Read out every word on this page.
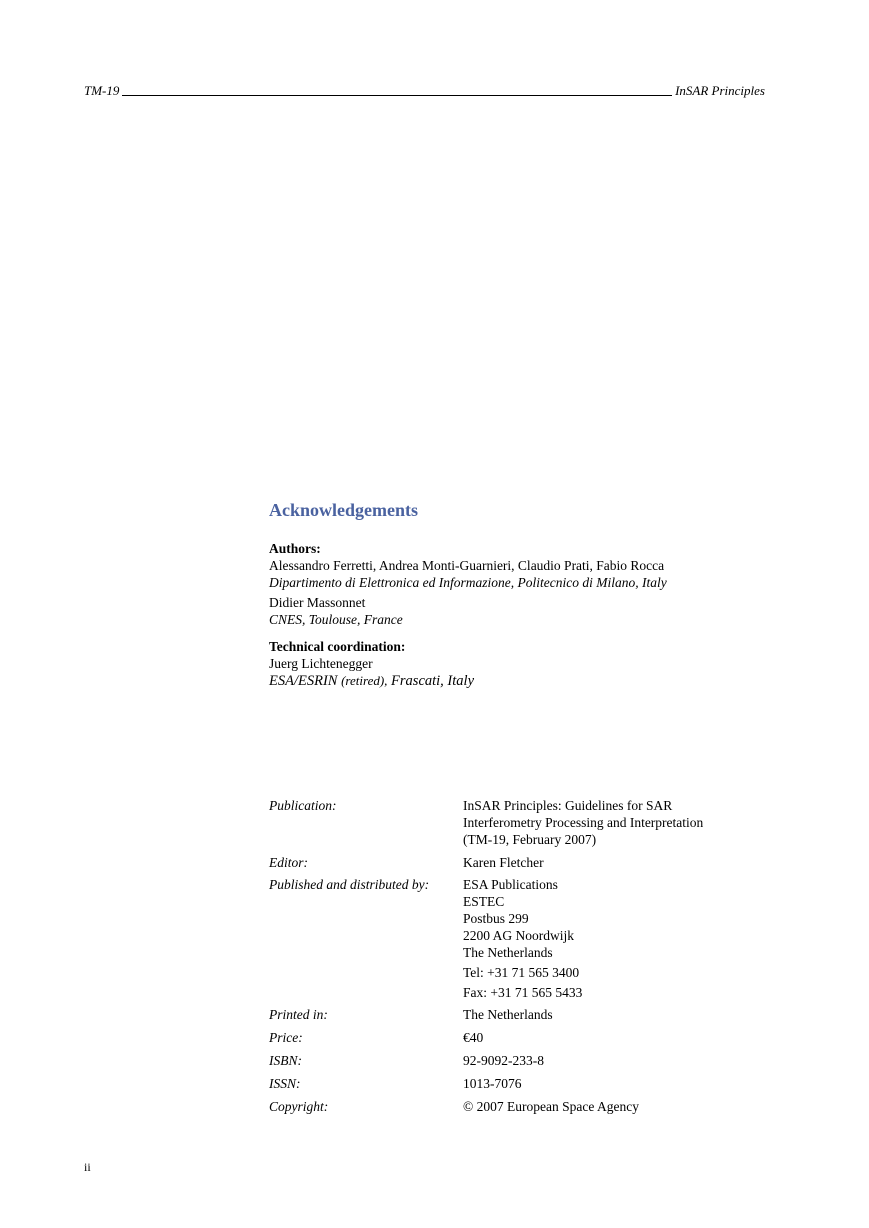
TM-19	InSAR Principles
Acknowledgements
Authors:
Alessandro Ferretti, Andrea Monti-Guarnieri, Claudio Prati, Fabio Rocca
Dipartimento di Elettronica ed Informazione, Politecnico di Milano, Italy
Didier Massonnet
CNES, Toulouse, France
Technical coordination:
Juerg Lichtenegger
ESA/ESRIN (retired), Frascati, Italy
Publication:	InSAR Principles: Guidelines for SAR
Interferometry Processing and Interpretation
(TM-19, February 2007)
Editor:	Karen Fletcher
Published and distributed by:	ESA Publications
ESTEC
Postbus 299
2200 AG Noordwijk
The Netherlands
Tel: +31 71 565 3400
Fax: +31 71 565 5433
Printed in:	The Netherlands
Price:	€40
ISBN:	92-9092-233-8
ISSN:	1013-7076
Copyright:	© 2007 European Space Agency
ii
